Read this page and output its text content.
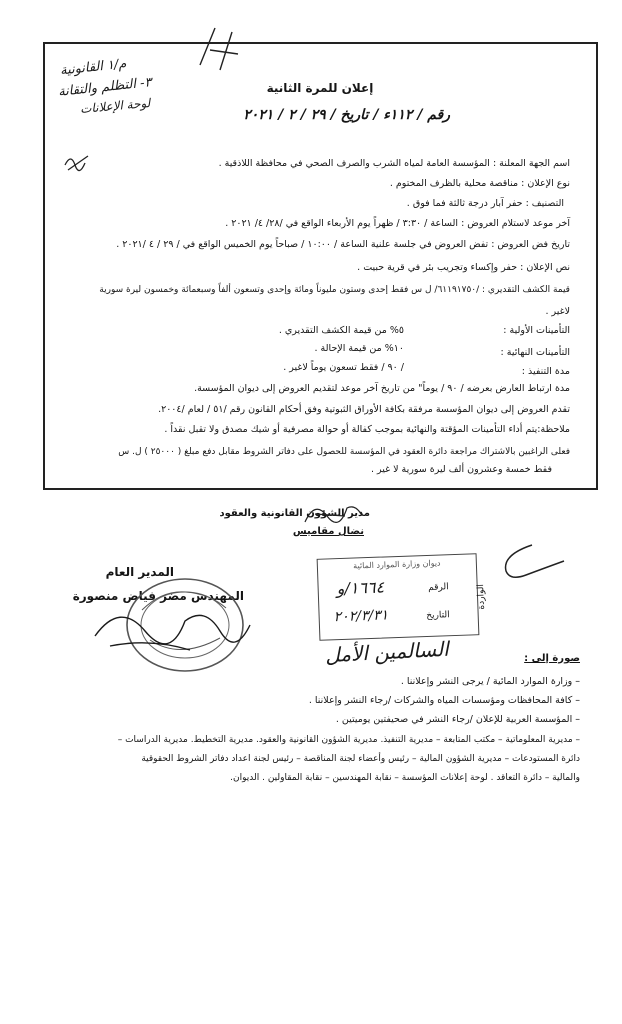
م/١ القانونية
٣- التظلم والتقانة
لوحة الإعلانات
إعلان للمرة الثانية
رقم / ١١٢ء / تاريخ / ٢٩ / ٢ / ٢٠٢١
اسم الجهة المعلنة : المؤسسة العامة لمياه الشرب والصرف الصحي في محافظة اللاذقية .
نوع الإعلان : مناقصة محلية بالظرف المختوم .
التصنيف : حفر آبار درجة ثالثة فما فوق .
آخر موعد لاستلام العروض : الساعة / ٣:٣٠ / ظهراً يوم الأربعاء الواقع في /٢٨/ ٤/ ٢٠٢١ .
تاريخ فض العروض : تفض العروض في جلسة علنية الساعة / ١٠:٠٠ / صباحاً يوم الخميس الواقع في / ٢٩ / ٤ /٢٠٢١ .
نص الإعلان : حفر وإكساء وتجريب بئر في قرية حبيت .
قيمة الكشف التقديري : /٦١١٩١٧٥٠/ ل س فقط إحدى وستون مليوناً ومائة وإحدى وتسعون ألفاً وسبعمائة وخمسون ليرة سورية
لاغير .
التأمينات الأولية :
٥% من قيمة الكشف التقديري .
التأمينات النهائية :
١٠% من قيمة الإحالة .
مدة التنفيذ :
/ ٩٠ / فقط تسعون يوماً لاغير .
مدة ارتباط العارض بعرضه / ٩٠ / يوماً" من تاريخ آخر موعد لتقديم العروض إلى ديوان المؤسسة.
تقدم العروض إلى ديوان المؤسسة مرفقة بكافة الأوراق الثبوتية وفق أحكام القانون رقم /٥١ / لعام /٢٠٠٤.
ملاحظة:يتم أداء التأمينات المؤقتة والنهائية بموجب كفالة أو حوالة مصرفية أو شيك مصدق ولا تقبل نقداً .
فعلى الراغبين بالاشتراك مراجعة دائرة العقود في المؤسسة للحصول على دفاتر الشروط مقابل دفع مبلغ ( ٢٥٠٠٠ ) ل. س
فقط خمسة وعشرون ألف ليرة سورية لا غير .
مدير الشؤون القانونية والعقود
نضال مقاميس
المدير العام
المهندس مضر فياض منصورة
ديوان وزارة الموارد المائية
الواردة
الرقم
١٦٦٤/و
التاريخ
٢٠٢/٣/٣١
السالمين الأمل	صورة إلى :
– وزارة الموارد المائية / يرجى النشر وإعلاننا .
– كافة المحافظات ومؤسسات المياه والشركات /رجاء النشر وإعلاننا .
– المؤسسة العربية للإعلان /رجاء النشر في صحيفتين يوميتين .
– مديرية المعلوماتية – مكتب المتابعة – مديرية التنفيذ. مديرية الشؤون القانونية والعقود. مديرية التخطيط. مديرية الدراسات –
دائرة المستودعات – مديرية الشؤون المالية – رئيس وأعضاء لجنة المناقصة – رئيس لجنة اعداد دفاتر الشروط الحقوقية
والمالية – دائرة التعاقد . لوحة إعلانات المؤسسة – نقابة المهندسين – نقابة المقاولين . الديوان.
